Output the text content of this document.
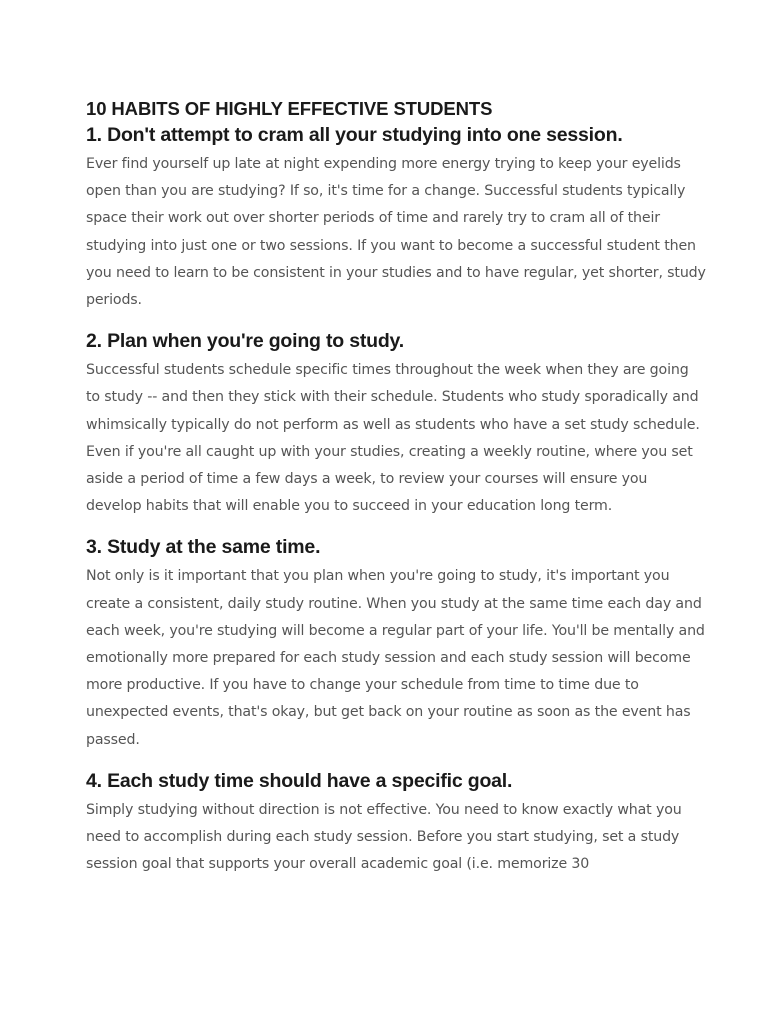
10 HABITS OF HIGHLY EFFECTIVE STUDENTS
1. Don't attempt to cram all your studying into one session.

Ever find yourself up late at night expending more energy trying to keep your eyelids open than you are studying? If so, it's time for a change. Successful students typically space their work out over shorter periods of time and rarely try to cram all of their studying into just one or two sessions. If you want to become a successful student then you need to learn to be consistent in your studies and to have regular, yet shorter, study periods.

2. Plan when you're going to study.

Successful students schedule specific times throughout the week when they are going to study -- and then they stick with their schedule. Students who study sporadically and whimsically typically do not perform as well as students who have a set study schedule. Even if you're all caught up with your studies, creating a weekly routine, where you set aside a period of time a few days a week, to review your courses will ensure you develop habits that will enable you to succeed in your education long term.

3. Study at the same time.

Not only is it important that you plan when you're going to study, it's important you create a consistent, daily study routine. When you study at the same time each day and each week, you're studying will become a regular part of your life. You'll be mentally and emotionally more prepared for each study session and each study session will become more productive. If you have to change your schedule from time to time due to unexpected events, that's okay, but get back on your routine as soon as the event has passed.

4. Each study time should have a specific goal.

Simply studying without direction is not effective. You need to know exactly what you need to accomplish during each study session. Before you start studying, set a study session goal that supports your overall academic goal (i.e. memorize 30
